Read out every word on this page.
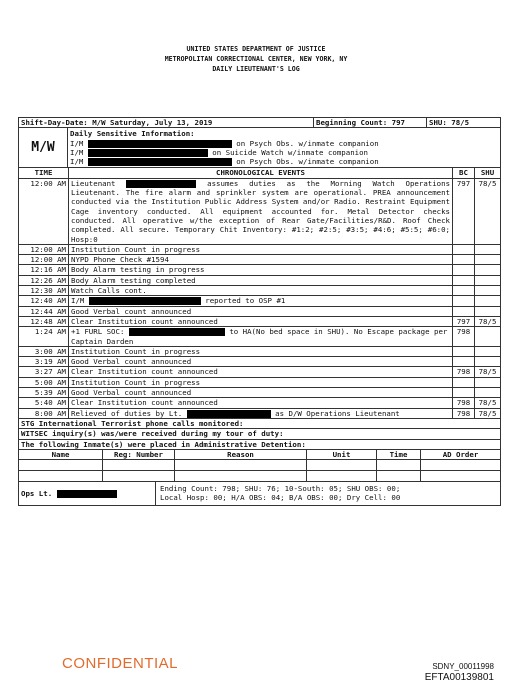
UNITED STATES DEPARTMENT OF JUSTICE
METROPOLITAN CORRECTIONAL CENTER, NEW YORK, NY
DAILY LIEUTENANT'S LOG
Shift-Day-Date: M/W Saturday, July 13, 2019	Beginning Count: 797	SHU: 78/5
M/W	
Daily Sensitive Information:
I/M	on Psych Obs. w/inmate companion
I/M	on Suicide Watch w/inmate companion
I/M	on Psych Obs. w/inmate companion
TIME	CHRONOLOGICAL EVENTS	BC	SHU
12:00 AM	Lieutenant assumes duties as the Morning Watch Operations Lieutenant. The fire alarm and sprinkler system are operational. PREA announcement conducted via the Institution Public Address System and/or Radio. Restraint Equipment Cage inventory conducted. All equipment accounted for. Metal Detector checks conducted. All operative w/the exception of Rear Gate/Facilities/R&D. Roof Check completed. All secure. Temporary Chit Inventory: #1:2; #2:5; #3:5; #4:6; #5:5; #6:0; Hosp:0	797	78/5
12:00 AM	Institution Count in progress		
12:00 AM	NYPD Phone Check #1594		
12:16 AM	Body Alarm testing in progress		
12:26 AM	Body Alarm testing completed		
12:30 AM	Watch Calls cont.		
12:40 AM	I/M reported to OSP #1		
12:44 AM	Good Verbal count announced		
12:48 AM	Clear Institution count announced	797	78/5
1:24 AM	+1 FURL SOC: to HA(No bed space in SHU). No Escape package per Captain Darden	798	
3:00 AM	Institution Count in progress		
3:19 AM	Good Verbal count announced		
3:27 AM	Clear Institution count announced	798	78/5
5:00 AM	Institution Count in progress		
5:39 AM	Good Verbal count announced		
5:40 AM	Clear Institution count announced	798	78/5
8:00 AM	Relieved of duties by Lt. as D/W Operations Lieutenant	798	78/5
STG International Terrorist phone calls monitored:
WITSEC inquiry(s) was/were received during my tour of duty:
The following Inmate(s) were placed in Administrative Detention:
Name	Reg: Number	Reason	Unit	Time	AD Order

Ops Lt.	
Ending Count: 798; SHU: 76; 10-South: 05; SHU OBS: 00;
Local Hosp: 00; H/A OBS: 04; B/A OBS: 00; Dry Cell: 00
CONFIDENTIAL	SDNY_00011998
EFTA00139801
